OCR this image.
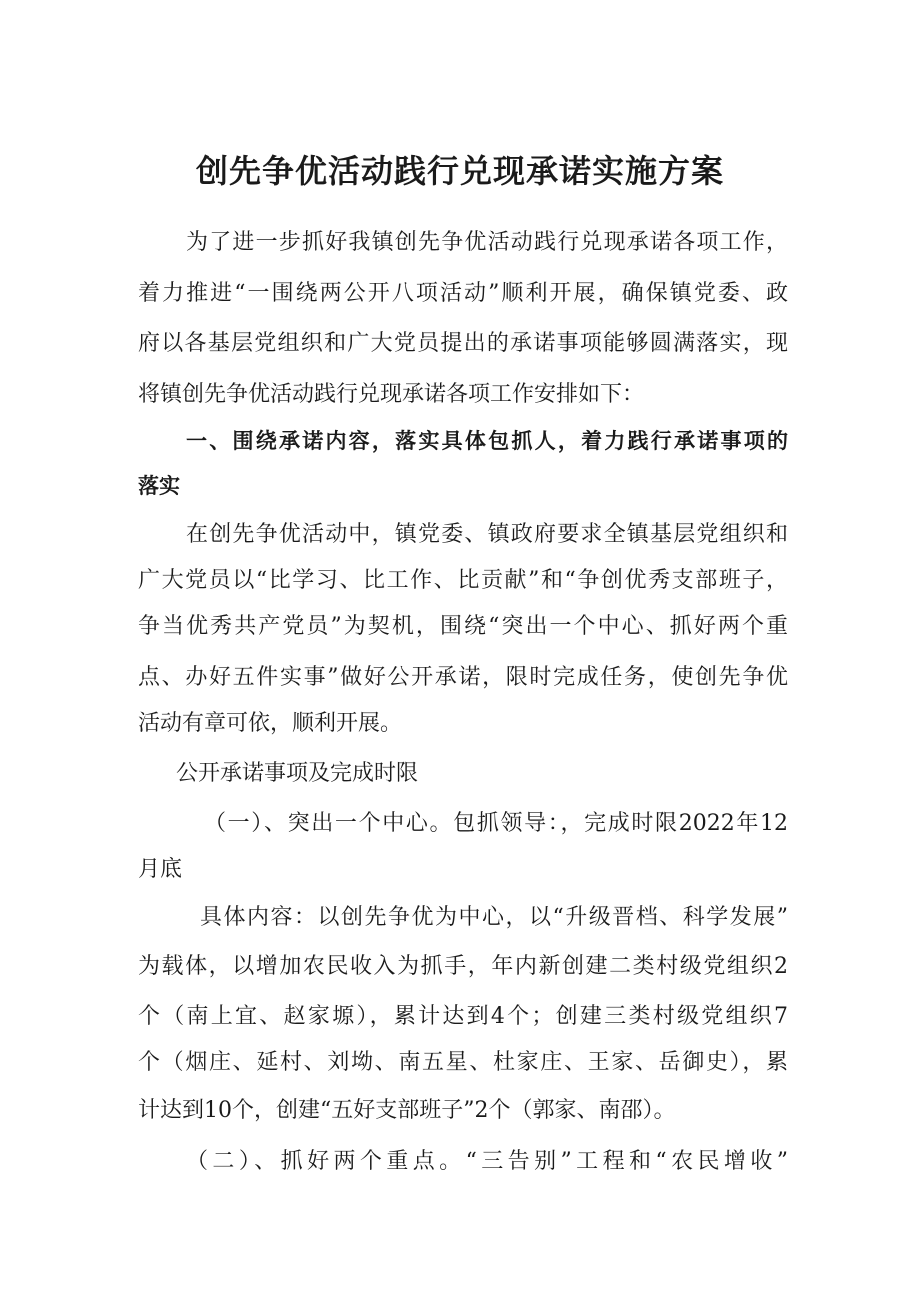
创先争优活动践行兑现承诺实施方案

为了进一步抓好我镇创先争优活动践行兑现承诺各项工作，

着力推进“一围绕两公开八项活动”顺利开展，确保镇党委、政

府以各基层党组织和广大党员提出的承诺事项能够圆满落实，现

将镇创先争优活动践行兑现承诺各项工作安排如下：

一、围绕承诺内容，落实具体包抓人，着力践行承诺事项的

落实

在创先争优活动中，镇党委、镇政府要求全镇基层党组织和

广大党员以“比学习、比工作、比贡献”和“争创优秀支部班子，

争当优秀共产党员”为契机，围绕“突出一个中心、抓好两个重

点、办好五件实事”做好公开承诺，限时完成任务，使创先争优

活动有章可依，顺利开展。

公开承诺事项及完成时限

（一）、突出一个中心。包抓领导：，完成时限2022年12

月底

具体内容：以创先争优为中心，以“升级晋档、科学发展”

为载体，以增加农民收入为抓手，年内新创建二类村级党组织2

个（南上宜、赵家塬），累计达到4个；创建三类村级党组织7

个（烟庄、延村、刘坳、南五星、杜家庄、王家、岳御史），累

计达到10个，创建“五好支部班子”2个（郭家、南邵）。

（二）、抓好两个重点。“三告别”工程和“农民增收”
